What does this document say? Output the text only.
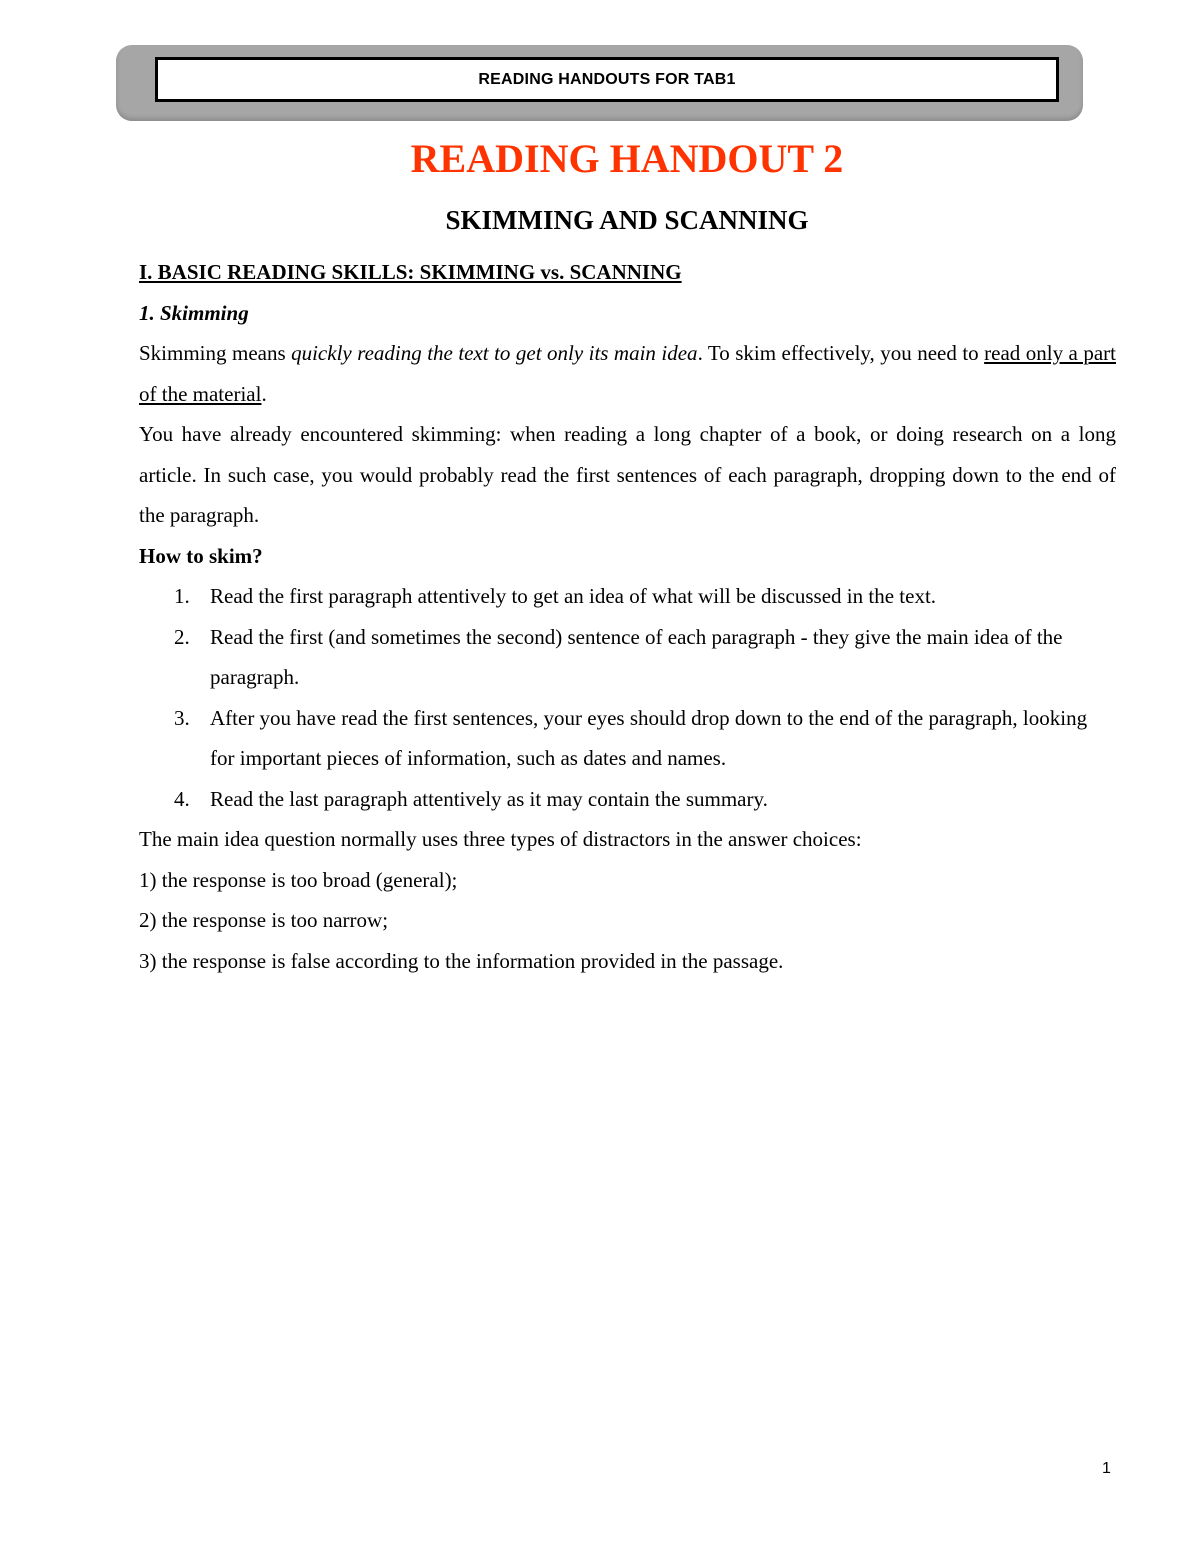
READING HANDOUTS FOR TAB1
READING HANDOUT 2
SKIMMING AND SCANNING

I. BASIC READING SKILLS: SKIMMING vs. SCANNING

1. Skimming

Skimming means quickly reading the text to get only its main idea. To skim effectively, you need to read only a part of the material.

You have already encountered skimming: when reading a long chapter of a book, or doing research on a long article. In such case, you would probably read the first sentences of each paragraph, dropping down to the end of the paragraph.

How to skim?

1. Read the first paragraph attentively to get an idea of what will be discussed in the text.
2. Read the first (and sometimes the second) sentence of each paragraph - they give the main idea of the paragraph.
3. After you have read the first sentences, your eyes should drop down to the end of the paragraph, looking for important pieces of information, such as dates and names.
4. Read the last paragraph attentively as it may contain the summary.

The main idea question normally uses three types of distractors in the answer choices:

1) the response is too broad (general);

2) the response is too narrow;

3) the response is false according to the information provided in the passage.

1
